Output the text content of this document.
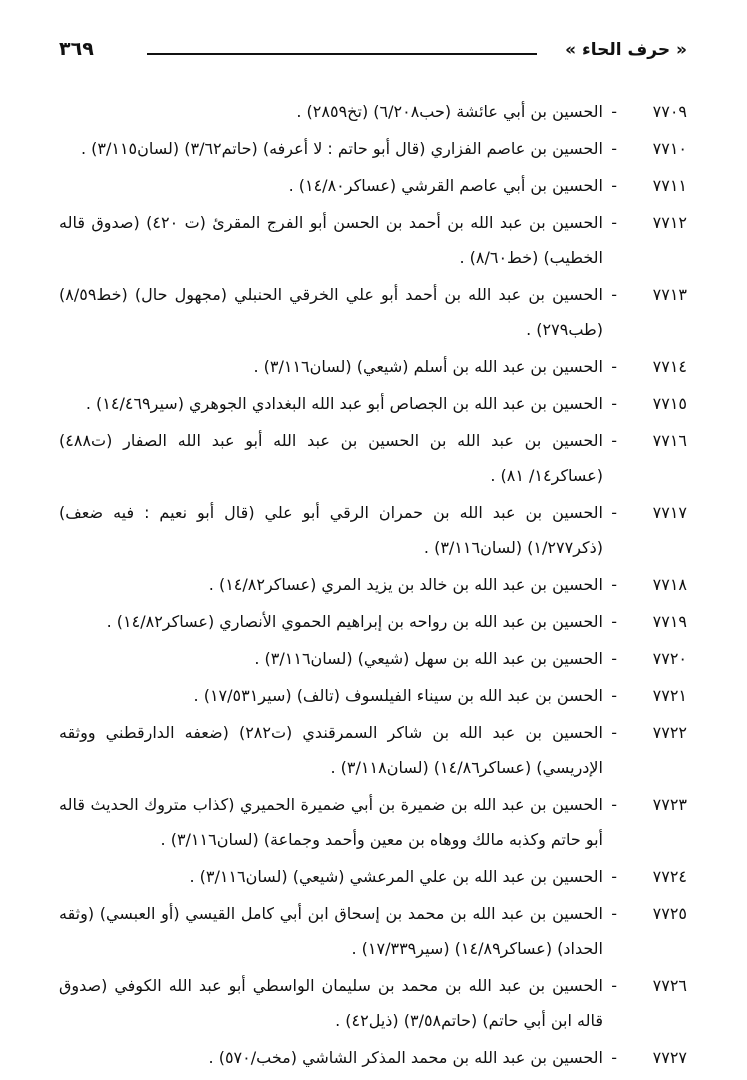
« حرف الحاء »
٣٦٩
٧٧٠٩
-
الحسين بن أبي عائشة (حب٦/٢٠٨) (تخ٢٨٥٩) .
٧٧١٠
-
الحسين بن عاصم الفزاري (قال أبو حاتم : لا أعرفه) (حاتم٣/٦٢) (لسان٣/١١٥) .
٧٧١١
-
الحسين بن أبي عاصم القرشي (عساكر١٤/٨٠) .
٧٧١٢
-
الحسين بن عبد الله بن أحمد بن الحسن أبو الفرج المقرئ (ت ٤٢٠) (صدوق قاله الخطيب) (خط٨/٦٠) .
٧٧١٣
-
الحسين بن عبد الله بن أحمد أبو علي الخرقي الحنبلي (مجهول حال) (خط٨/٥٩) (طب٢٧٩) .
٧٧١٤
-
الحسين بن عبد الله بن أسلم (شيعي) (لسان٣/١١٦) .
٧٧١٥
-
الحسين بن عبد الله بن الجصاص أبو عبد الله البغدادي الجوهري (سير١٤/٤٦٩) .
٧٧١٦
-
الحسين بن عبد الله بن الحسين بن عبد الله أبو عبد الله الصفار (ت٤٨٨) (عساكر١٤/ ٨١) .
٧٧١٧
-
الحسين بن عبد الله بن حمران الرقي أبو علي (قال أبو نعيم : فيه ضعف) (ذكر١/٢٧٧) (لسان٣/١١٦) .
٧٧١٨
-
الحسين بن عبد الله بن خالد بن يزيد المري (عساكر١٤/٨٢) .
٧٧١٩
-
الحسين بن عبد الله بن رواحه بن إبراهيم الحموي الأنصاري (عساكر١٤/٨٢) .
٧٧٢٠
-
الحسين بن عبد الله بن سهل (شيعي) (لسان٣/١١٦) .
٧٧٢١
-
الحسن بن عبد الله بن سيناء الفيلسوف (تالف) (سير١٧/٥٣١) .
٧٧٢٢
-
الحسين بن عبد الله بن شاكر السمرقندي (ت٢٨٢) (ضعفه الدارقطني ووثقه الإدريسي) (عساكر١٤/٨٦) (لسان٣/١١٨) .
٧٧٢٣
-
الحسين بن عبد الله بن ضميرة بن أبي ضميرة الحميري (كذاب متروك الحديث قاله أبو حاتم وكذبه مالك ووهاه بن معين وأحمد وجماعة) (لسان٣/١١٦) .
٧٧٢٤
-
الحسين بن عبد الله بن علي المرعشي (شيعي) (لسان٣/١١٦) .
٧٧٢٥
-
الحسين بن عبد الله بن محمد بن إسحاق ابن أبي كامل القيسي (أو العبسي) (وثقه الحداد) (عساكر١٤/٨٩) (سير١٧/٣٣٩) .
٧٧٢٦
-
الحسين بن عبد الله بن محمد بن سليمان الواسطي أبو عبد الله الكوفي (صدوق قاله ابن أبي حاتم) (حاتم٣/٥٨) (ذيل٤٢) .
٧٧٢٧
-
الحسين بن عبد الله بن محمد المذكر الشاشي (مخب/٥٧٠) .
